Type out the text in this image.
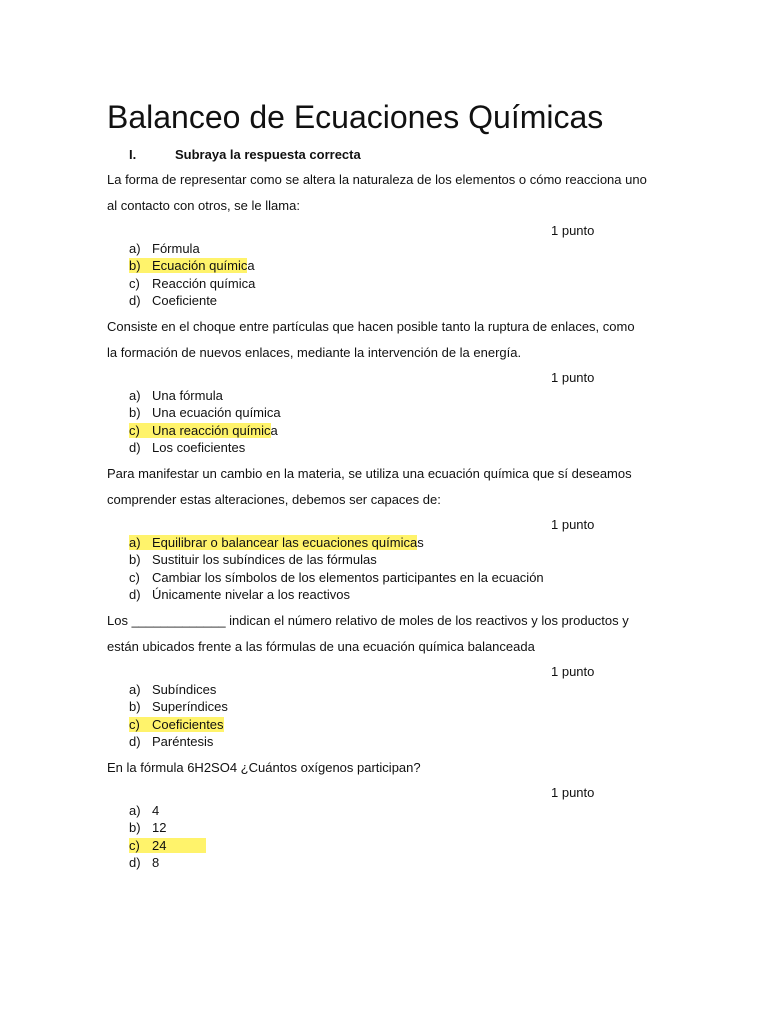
Balanceo de Ecuaciones Químicas
I.	Subraya la respuesta correcta
La forma de representar como se altera la naturaleza de los elementos o cómo reacciona uno al contacto con otros, se le llama:
1 punto
a) Fórmula
b) Ecuación química
c) Reacción química
d) Coeficiente
Consiste en el choque entre partículas que hacen posible tanto la ruptura de enlaces, como la formación de nuevos enlaces, mediante la intervención de la energía.
1 punto
a) Una fórmula
b) Una ecuación química
c) Una reacción química
d) Los coeficientes
Para manifestar un cambio en la materia, se utiliza una ecuación química que sí deseamos comprender estas alteraciones, debemos ser capaces de:
1 punto
a) Equilibrar o balancear las ecuaciones químicas
b) Sustituir los subíndices de las fórmulas
c) Cambiar los símbolos de los elementos participantes en la ecuación
d) Únicamente nivelar a los reactivos
Los _____________ indican el número relativo de moles de los reactivos y los productos y están ubicados frente a las fórmulas de una ecuación química balanceada
1 punto
a) Subíndices
b) Superíndices
c) Coeficientes
d) Paréntesis
En la fórmula 6H2SO4 ¿Cuántos oxígenos participan?
1 punto
a) 4
b) 12
c) 24
d) 8
